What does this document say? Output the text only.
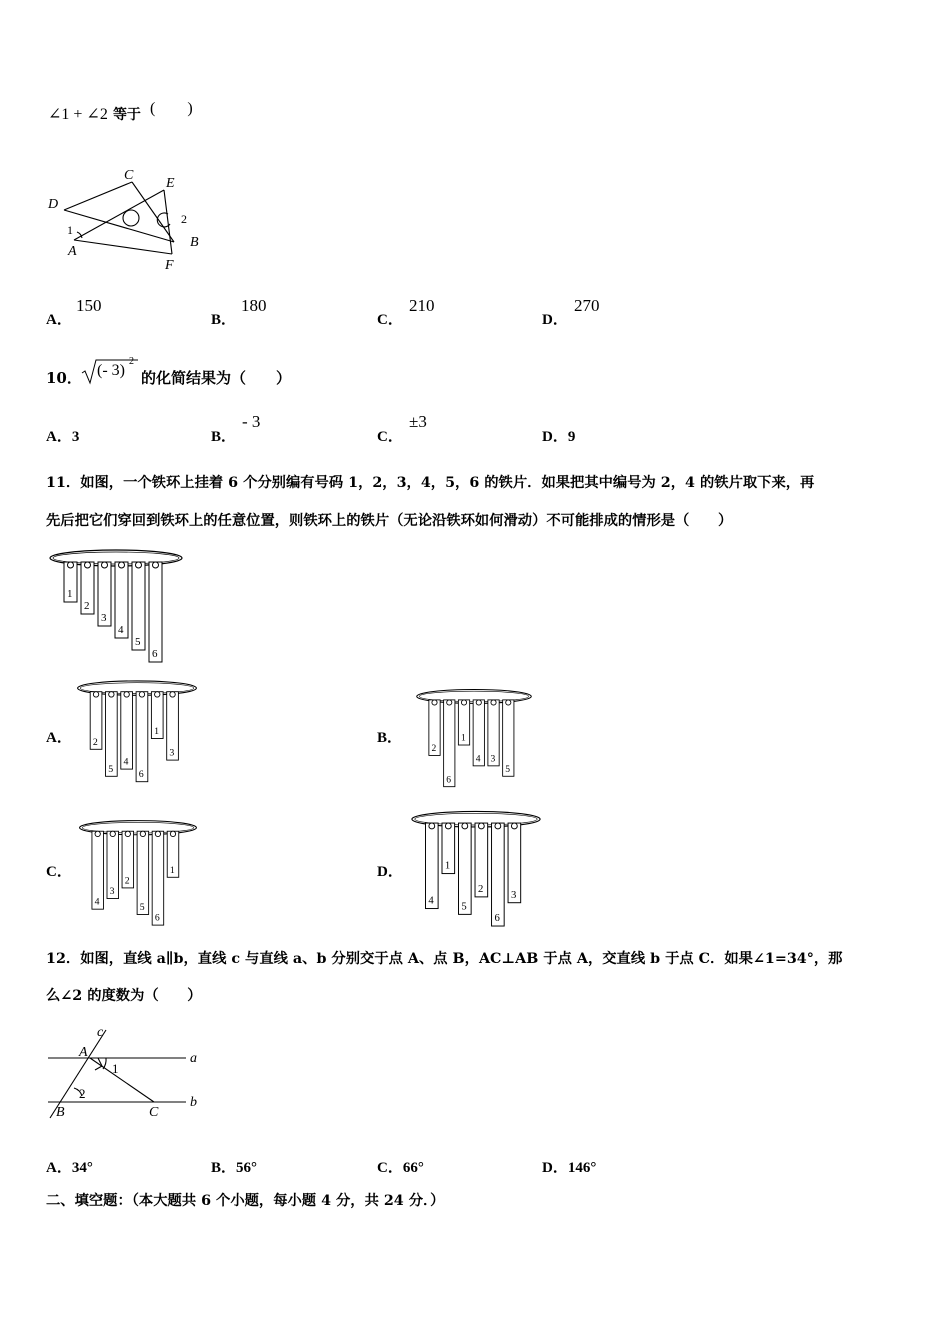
∠1 + ∠2 等于 (        )
C
E
D
A
B
F
1
2
A．
150
B．
180
C．
210
D．
270
10． (- 3)
2
的化简结果为（　　）
A．3	B．
- 3
C．
±3
D．9
11．如图，一个铁环上挂着 6 个分别编有号码 1，2，3，4，5，6 的铁片．如果把其中编号为 2，4 的铁片取下来，再
先后把它们穿回到铁环上的任意位置，则铁环上的铁片（无论沿铁环如何滑动）不可能排成的情形是（　　）
1
2
3
4
5
6
A． 2
5
4
6
1
3
B．
2
6
1
4 3
5
C．
4
3
2
5
6
1	D．
4
1
5
2
6
3
12．如图，直线 a∥b，直线 c 与直线 a、b 分别交于点 A、点 B，AC⊥AB 于点 A，交直线 b 于点 C．如果∠1=34°，那
么∠2 的度数为（　　）
c
A	a
B	C
b
1
2
A．34°	B．56°	C．66°	D．146°
二、填空题：（本大题共 6 个小题，每小题 4 分，共 24 分．）
